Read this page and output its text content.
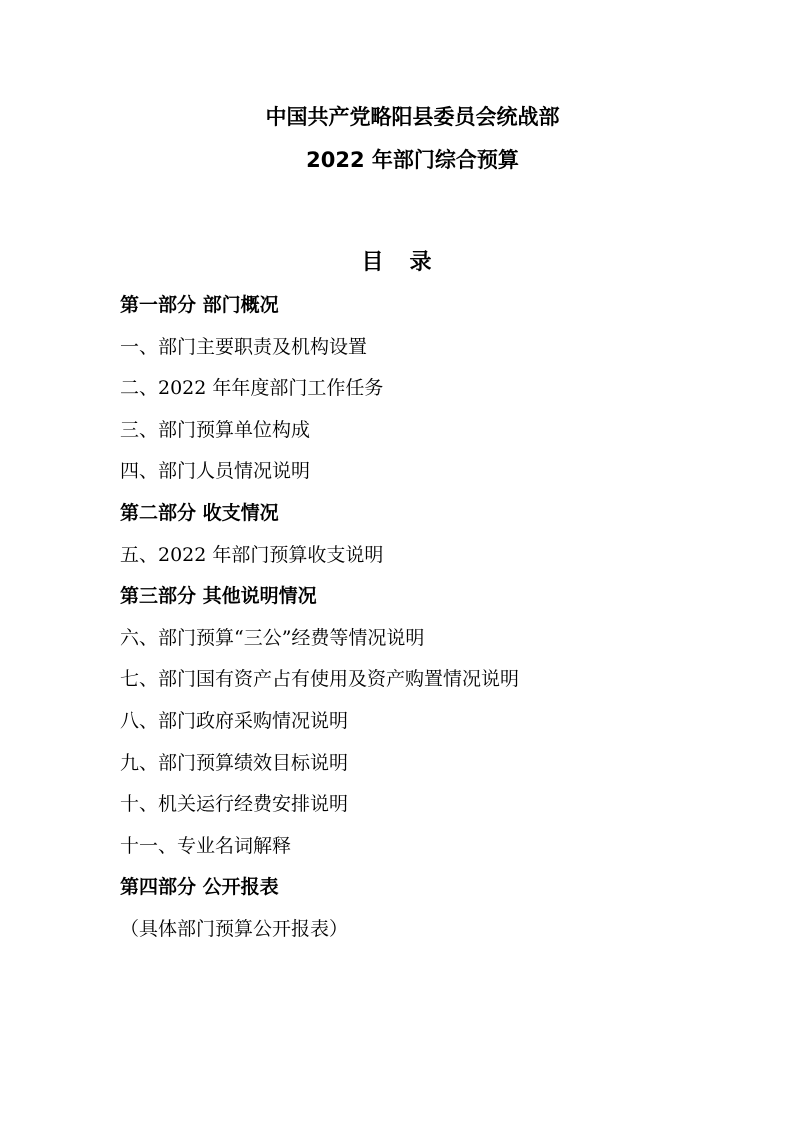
中国共产党略阳县委员会统战部
2022 年部门综合预算
目录
第一部分 部门概况
一、部门主要职责及机构设置
二、2022 年年度部门工作任务
三、部门预算单位构成
四、部门人员情况说明
第二部分 收支情况
五、2022 年部门预算收支说明
第三部分 其他说明情况
六、部门预算“三公”经费等情况说明
七、部门国有资产占有使用及资产购置情况说明
八、部门政府采购情况说明
九、部门预算绩效目标说明
十、机关运行经费安排说明
十一、专业名词解释
第四部分 公开报表
（具体部门预算公开报表）
